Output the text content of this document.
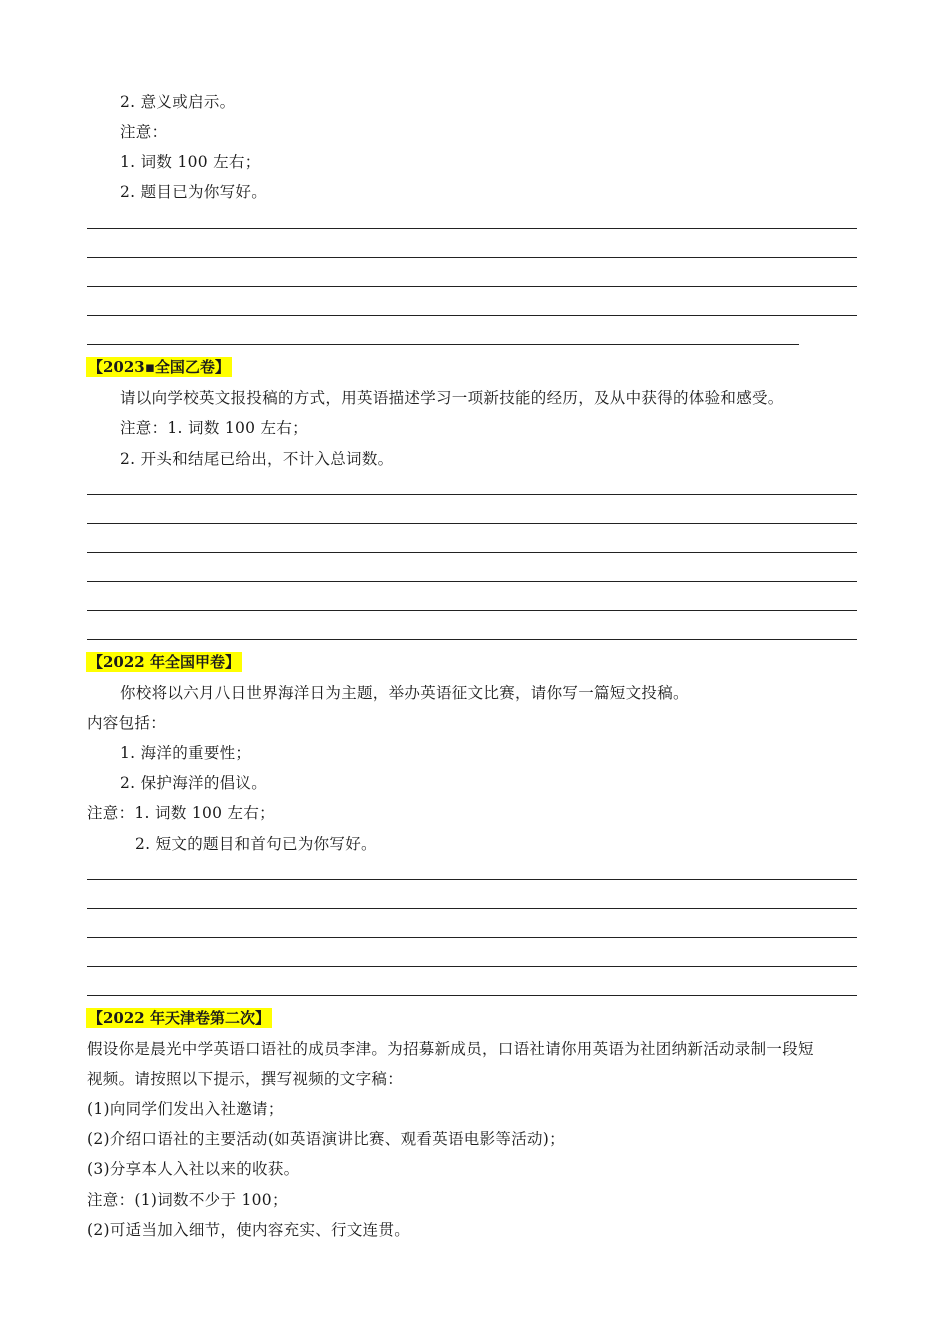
2. 意义或启示。
注意：
1. 词数 100 左右；
2. 题目已为你写好。
【2023▪全国乙卷】
请以向学校英文报投稿的方式，用英语描述学习一项新技能的经历，及从中获得的体验和感受。
注意：1. 词数 100 左右；
2. 开头和结尾已给出，不计入总词数。
【2022 年全国甲卷】
你校将以六月八日世界海洋日为主题，举办英语征文比赛，请你写一篇短文投稿。
内容包括：
1. 海洋的重要性；
2. 保护海洋的倡议。
注意：1. 词数 100 左右；
2. 短文的题目和首句已为你写好。
【2022 年天津卷第二次】
假设你是晨光中学英语口语社的成员李津。为招募新成员，口语社请你用英语为社团纳新活动录制一段短
视频。请按照以下提示，撰写视频的文字稿：
(1)向同学们发出入社邀请；
(2)介绍口语社的主要活动(如英语演讲比赛、观看英语电影等活动)；
(3)分享本人入社以来的收获。
注意：(1)词数不少于 100；
(2)可适当加入细节，使内容充实、行文连贯。
